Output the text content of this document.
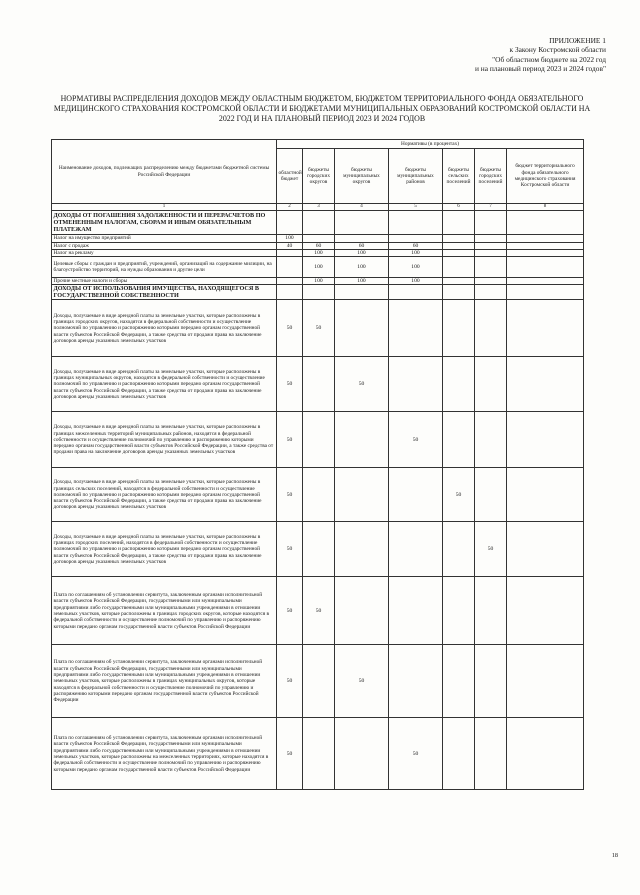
ПРИЛОЖЕНИЕ 1
к Закону Костромской области
"Об областном бюджете на 2022 год
и на плановый период 2023 и 2024 годов"
НОРМАТИВЫ РАСПРЕДЕЛЕНИЯ ДОХОДОВ МЕЖДУ ОБЛАСТНЫМ БЮДЖЕТОМ, БЮДЖЕТОМ ТЕРРИТОРИАЛЬНОГО ФОНДА ОБЯЗАТЕЛЬНОГО МЕДИЦИНСКОГО СТРАХОВАНИЯ КОСТРОМСКОЙ ОБЛАСТИ И БЮДЖЕТАМИ МУНИЦИПАЛЬНЫХ ОБРАЗОВАНИЙ КОСТРОМСКОЙ ОБЛАСТИ НА 2022 ГОД И НА ПЛАНОВЫЙ ПЕРИОД 2023 И 2024 ГОДОВ
Наименование доходов, подлежащих распределению между бюджетами бюджетной системы Российской Федерации	Нормативы (в процентах)						
	областной бюджет	бюджеты городских округов	бюджеты муниципальных округов	бюджеты муниципальных районов	бюджеты сельских поселений	бюджеты городских поселений	бюджет территориального фонда обязательного медицинского страхования Костромской области
1	2	3	4	5	6	7	8
ДОХОДЫ ОТ ПОГАШЕНИЯ ЗАДОЛЖЕННОСТИ И ПЕРЕРАСЧЕТОВ ПО ОТМЕНЕННЫМ НАЛОГАМ, СБОРАМ И ИНЫМ ОБЯЗАТЕЛЬНЫМ ПЛАТЕЖАМ							
Налог на имущество предприятий	100						
Налог с продаж	40	60	60	60			
Налог на рекламу		100	100	100			
Целевые сборы с граждан и предприятий, учреждений, организаций на содержание милиции, на благоустройство территорий, на нужды образования и другие цели		100	100	100			
Прочие местные налоги и сборы		100	100	100			
ДОХОДЫ ОТ ИСПОЛЬЗОВАНИЯ ИМУЩЕСТВА, НАХОДЯЩЕГОСЯ В ГОСУДАРСТВЕННОЙ СОБСТВЕННОСТИ							
Доходы, получаемые в виде арендной платы за земельные участки, которые расположены в границах городских округов, находятся в федеральной собственности и осуществление полномочий по управлению и распоряжению которыми передано органам государственной власти субъектов Российской Федерации, а также средства от продажи права на заключение договоров аренды указанных земельных участков	50	50					
Доходы, получаемые в виде арендной платы за земельные участки, которые расположены в границах муниципальных округов, находятся в федеральной собственности и осуществление полномочий по управлению и распоряжению которыми передано органам государственной власти субъектов Российской Федерации, а также средства от продажи права на заключение договоров аренды указанных земельных участков	50		50				
Доходы, получаемые в виде арендной платы за земельные участки, которые расположены в границах межселенных территорий муниципальных районов, находятся в федеральной собственности и осуществление полномочий по управлению и распоряжению которыми передано органам государственной власти субъектов Российской Федерации, а также средства от продажи права на заключение договоров аренды указанных земельных участков	50			50			
Доходы, получаемые в виде арендной платы за земельные участки, которые расположены в границах сельских поселений, находятся в федеральной собственности и осуществление полномочий по управлению и распоряжению которыми передано органам государственной власти субъектов Российской Федерации, а также средства от продажи права на заключение договоров аренды указанных земельных участков	50				50		
Доходы, получаемые в виде арендной платы за земельные участки, которые расположены в границах городских поселений, находятся в федеральной собственности и осуществление полномочий по управлению и распоряжению которыми передано органам государственной власти субъектов Российской Федерации, а также средства от продажи права на заключение договоров аренды указанных земельных участков	50					50	
Плата по соглашениям об установлении сервитута, заключенным органами исполнительной власти субъектов Российской Федерации, государственными или муниципальными предприятиями либо государственными или муниципальными учреждениями в отношении земельных участков, которые расположены в границах городских округов, которые находятся в федеральной собственности и осуществление полномочий по управлению и распоряжению которыми передано органам государственной власти субъектов Российской Федерации	50	50					
Плата по соглашениям об установлении сервитута, заключенным органами исполнительной власти субъектов Российской Федерации, государственными или муниципальными предприятиями либо государственными или муниципальными учреждениями в отношении земельных участков, которые расположены в границах муниципальных округов, которые находятся в федеральной собственности и осуществление полномочий по управлению и распоряжению которыми передано органам государственной власти субъектов Российской Федерации	50		50				
Плата по соглашениям об установлении сервитута, заключенным органами исполнительной власти субъектов Российской Федерации, государственными или муниципальными предприятиями либо государственными или муниципальными учреждениями в отношении земельных участков, которые расположены на межселенных территориях, которые находятся в федеральной собственности и осуществление полномочий по управлению и распоряжению которыми передано органам государственной власти субъектов Российской Федерации	50			50			
18
